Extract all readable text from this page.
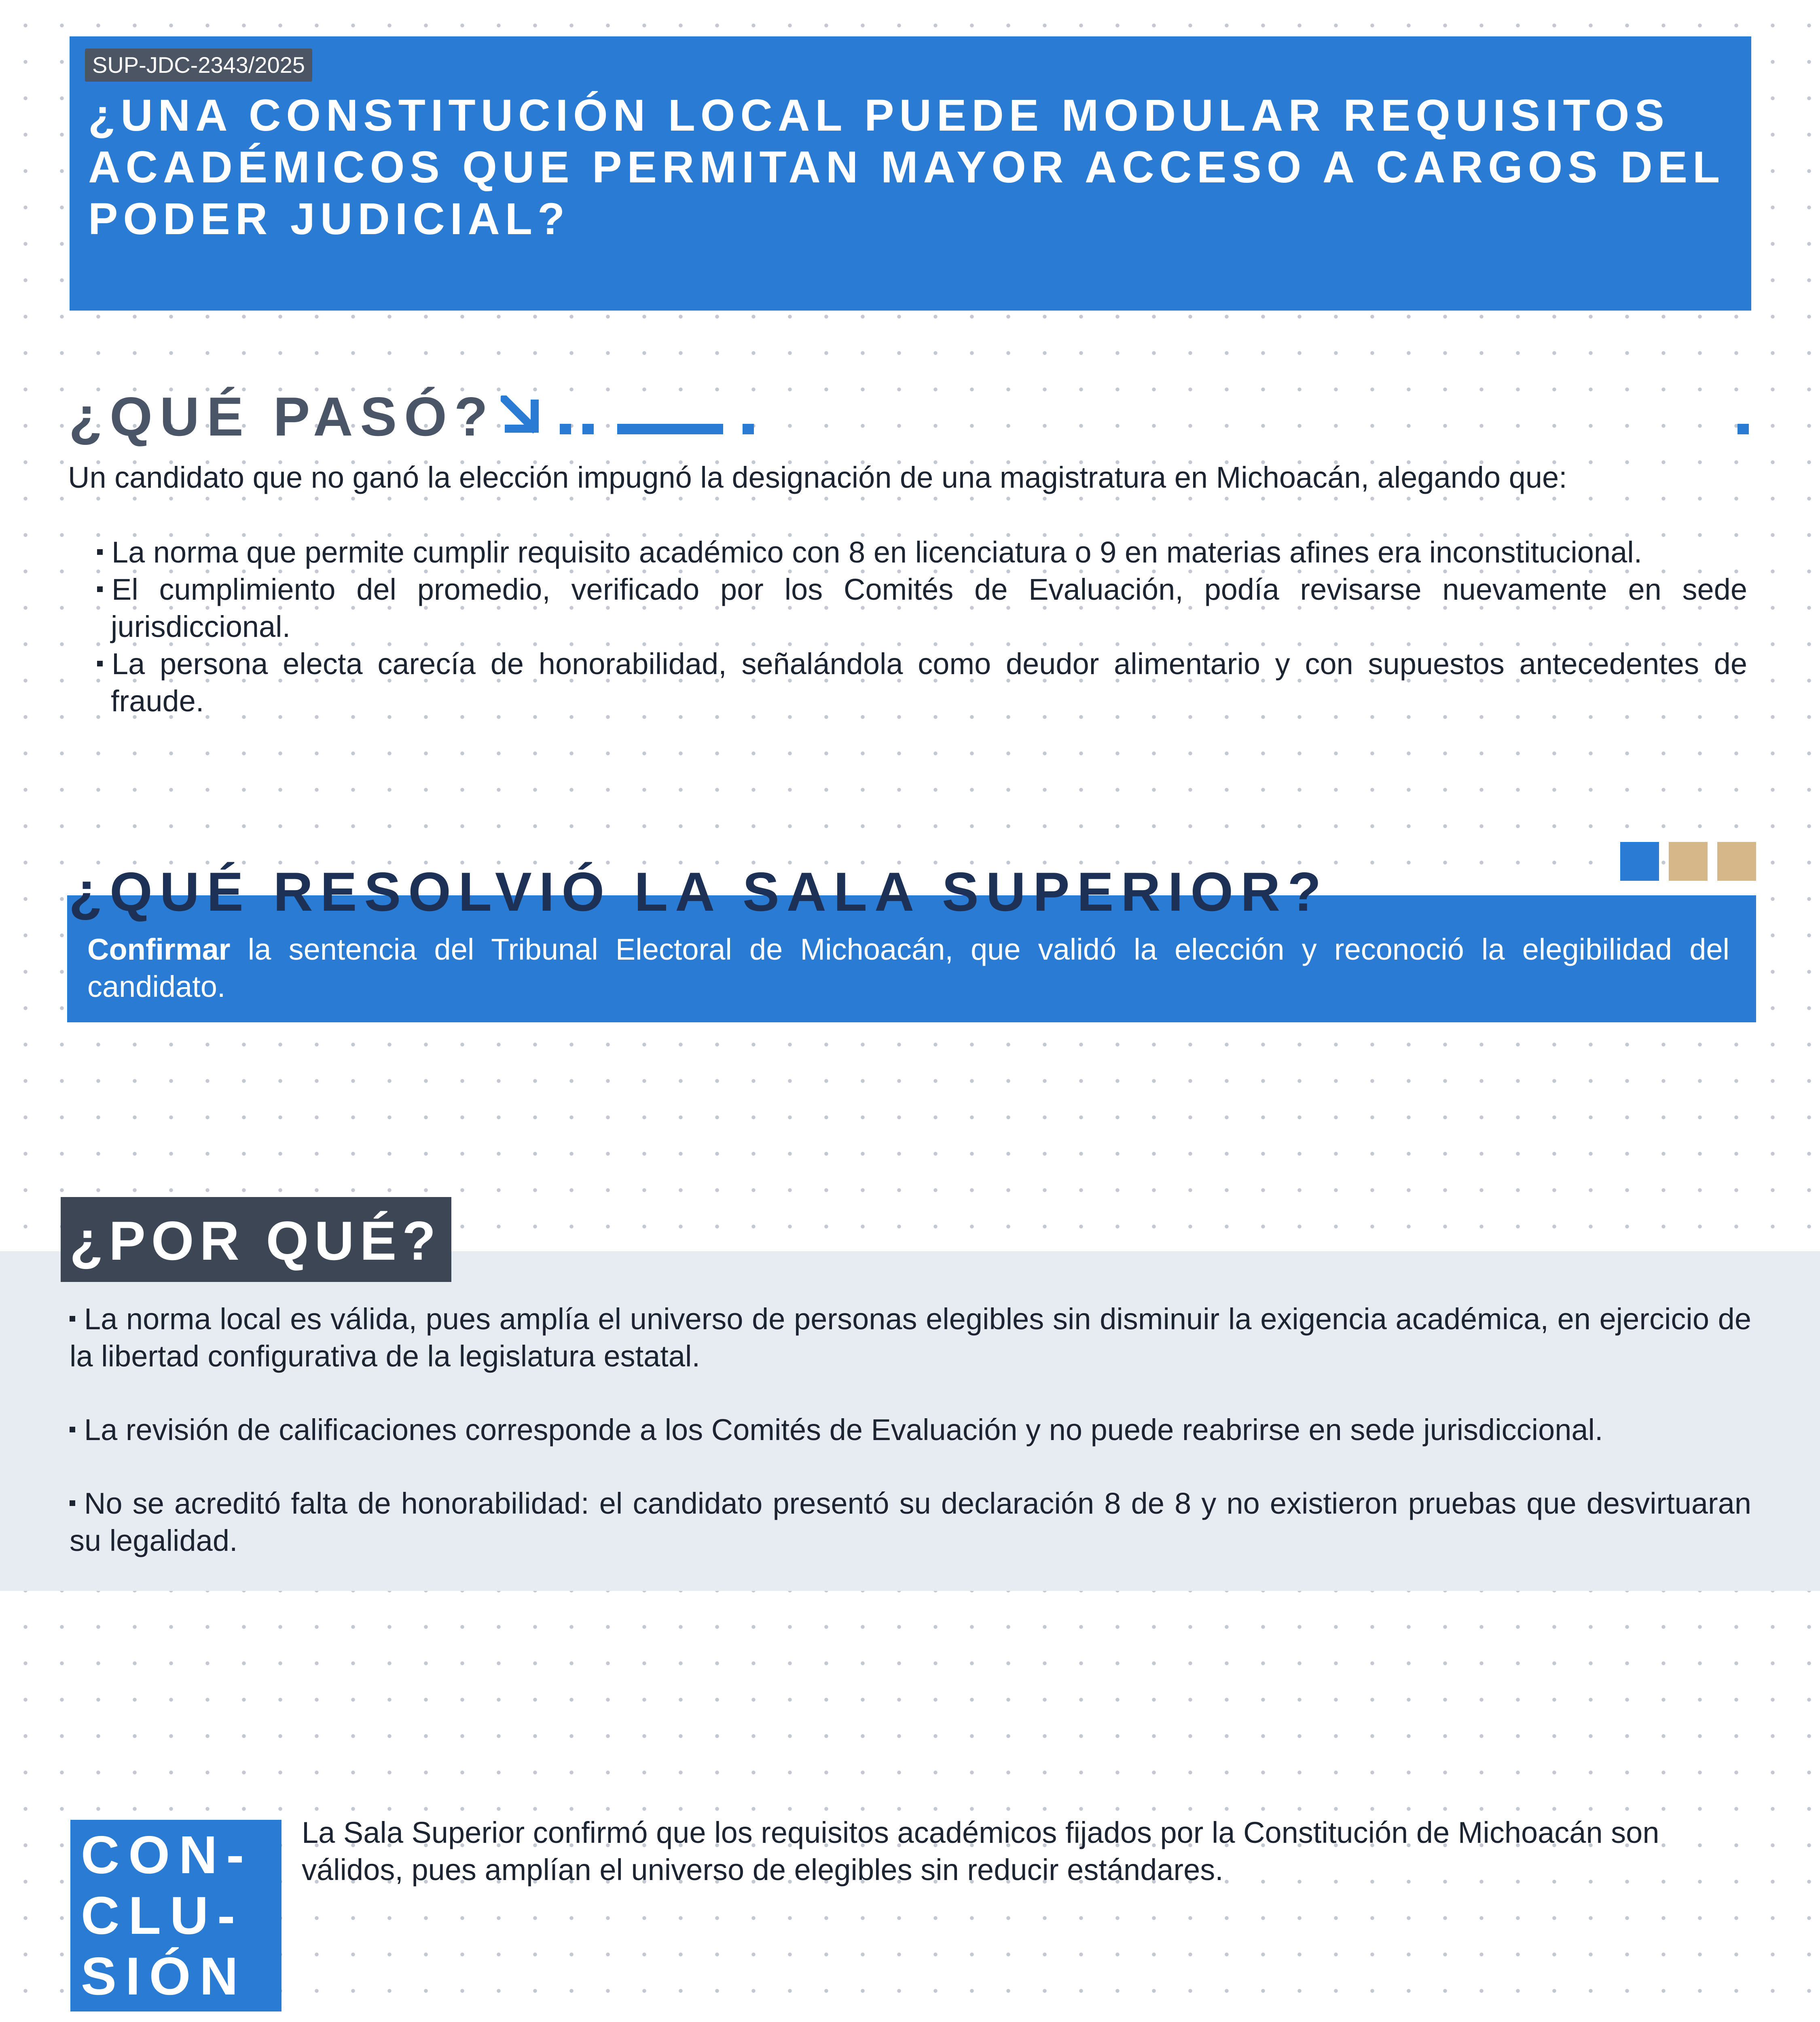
SUP-JDC-2343/2025
¿UNA CONSTITUCIÓN LOCAL PUEDE MODULAR REQUISITOS ACADÉMICOS QUE PERMITAN MAYOR ACCESO A CARGOS DEL PODER JUDICIAL?
¿QUÉ PASÓ?

Un candidato que no ganó la elección impugnó la designación de una magistratura en Michoacán, alegando que:

La norma que permite cumplir requisito académico con 8 en licenciatura o 9 en materias afines era inconstitucional.
El cumplimiento del promedio, verificado por los Comités de Evaluación, podía revisarse nuevamente en sede jurisdiccional.
La persona electa carecía de honorabilidad, señalándola como deudor alimentario y con supuestos antecedentes de fraude.
¿QUÉ RESOLVIÓ LA SALA SUPERIOR?

Confirmar la sentencia del Tribunal Electoral de Michoacán, que validó la elección y reconoció la elegibilidad del candidato.

¿POR QUÉ?

La norma local es válida, pues amplía el universo de personas elegibles sin disminuir la exigencia académica, en ejercicio de la libertad configurativa de la legislatura estatal.

La revisión de calificaciones corresponde a los Comités de Evaluación y no puede reabrirse en sede jurisdiccional.

No se acreditó falta de honorabilidad: el candidato presentó su declaración 8 de 8 y no existieron pruebas que desvirtuaran su legalidad.

CON-
CLU-
SIÓN

La Sala Superior confirmó que los requisitos académicos fijados por la Constitución de Michoacán son válidos, pues amplían el universo de elegibles sin reducir estándares.
